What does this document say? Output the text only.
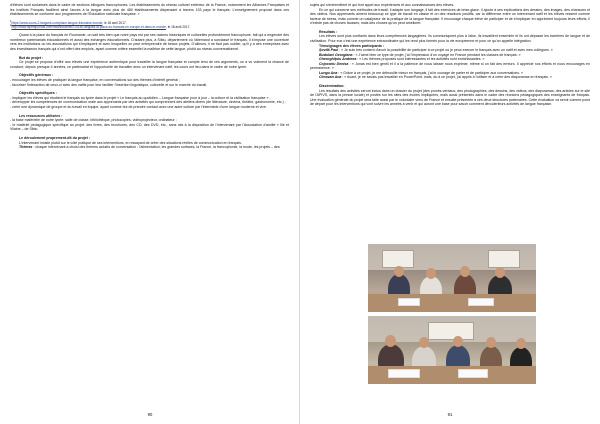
d'élèves sont scolarisés dans le cadre de sections bilingues francophones. Les établissements du réseau culturel extérieur de la France, notamment les Alliances Françaises et les Instituts Français facilitent ainsi l'accès à la langue avec plus de 480 établissements dispensant à travers 133 pays le français. L'enseignement proposé dans ces établissements se conforme aux programmes de l'Éducation nationale française. »

$^1$https://www.cours-2-langues.com/place-langue-francaise-monde, le 18 avril 2017.

$^2$http://www.lepetitjournal.com/milan/societe/215146-langues-la-place-du-francais-en-europe-et-dans-le-monde, le 18 avril 2017.

Quant à la place du français en Roumanie, on sait très bien que notre pays est par ses racines historiques et culturelles profondément francophone, fait qui a engendré des nombreux partenariats éducationnels et aussi des échanges éducationnels. D'autant plus, à Sibiu, département où l'allemand a surclassé le français, il s'impose une ouverture vers les institutions ou les associations qui s'impliquent et avec lesquelles on peut entreprendre de beaux projets. D'ailleurs, il ne faut pas oublier, qu'il y a des entreprises avec des investisseurs français qui s'ont offert des emplois, ayant comme critère essentiel la maîtrise de cette langue, plutôt au niveau conversationnel.

But du projet :

Ce projet se propose d'offrir aux élèves une expérience authentique pour travailler la langue française et compte tenu de ces arguments, on a vu vraiment la chance de conclure, depuis presque 4 années, ce partenariat et l'opportunité de travailler avec un intervenant natif, les cours ont lieu dans le cadre de notre lycée.

Objectifs généraux :

- encourager les élèves de pratiquer la langue française, en conversations sur des thèmes d'intérêt général ;

- favoriser l'interaction de ceux-ci avec des natifs pour leur faciliter l'insertion linguistique, culturelle et sur le marché du travail.

Objectifs spécifiques :

- impliquer les élèves qui étudient le français au lycée dans le projet « Le français au quotidien – Langue française pour à jour – la culture et la civilisation française » ;

- développer les compétences de communication orale aux apprenants par des activités qui comprennent des ateliers divers (de littérature, cinéma, théâtre, gastronomie, etc.) ;

- créer une dynamique de groupe et du travail en équipe, ayant comme but de prendre contact avec une autre culture par l'intermède d'une langue moderne et vive.

Les ressources utilisées :

- la base matérielle de notre lycée: salle de classe, bibliothèque, photocopies, vidéoprojecteur, ordinateur ;

- le matériel pédagogique spécifique au projet: des livres, des brochures, des CD, des DVD, etc., sans mis à la disposition de l'intervenant par l'Association d'amitié « Ille et Vilaine – de Sibiu.

Le déroulement proprement-dit du projet :

L'intervenant insiste plutôt sur le côté pratique de ses interventions, en essayant de créer des situations réelles de communication en français.

Thèmes : chaque intervenant a choisi des thèmes actuels de conversation : l'alimentation, les grandes surfaces, la France, la francophonie, la mode, les projets – des

90

sujets qui s'entremêlent et qui font appel aux expériences et aux connaissances des élèves.

En ce qui concerne ses méthodes de travail, il adapte son langage, il fait des exercices de brise-glace. Il ajoute à ses explications des dessins, des images, des chansons et des vidéos. Nos apprenants aiment beaucoup ce type de travail en classe et on des réactions positifs, car la différence entre un intervenant natif et les élèves ressent comme facteur de stress, mais comme un catalyseur de la pratique de la langue française. Il encourage chaque élève de participer et de s'impliquer en apprécient toujours leurs efforts, il n'existe pas de choses fausses, mais des choses qu'on peut améliorer.

Résultats :

Les élèves sont plus confiants dans leurs compétences langagières. Ils communiquent plus à l'aise, ils travaillent ensemble et ils ont dépassé les barrières de langue et de civilisation. Pour eux c'est une expérience extraordinaire qui les rend plus formés pour la vie européenne et pour ce qu'on appelle intégration.

Témoignages des élèves participants :

Şovită Paul : « Je suis très content d'avoir la possibilité de participer à ce projet où je peux exercer le français avec un natif et avec mes collègues. »

Budulaci Georgiana : « J'aime bien ce type de projet, j'ai l'impression d'un voyage en France pendant les classes de français. »

Gheorghiţoiu Andreea : « Les thèmes proposés sont intéressantes et les activités sont enrichissantes. »

Cojocariu Denisa : « Jonas est bien gentil et il a la patience de nous laisser nous exprimer, même si on fait des erreurs. Il apprécie nos efforts et nous encourages en permanence. »

Lungu Ana : « Grâce à ce projet, je me débrouille mieux en français, j'ai le courage de parler et de participer aux conversations. »

Cimozan Ana : « Avant, je ne savais pas travailler en PowerPoint, mais, du à ce projet, j'ai appris à l'utiliser et à créer des diaporamas en français. »

Dissémination:

Les résultats des activités seront inclus dans un dossier du projet (des procès-verbaux, des photographies, des dessins, des vidéos, des diaporamas, des articles sur le site de l'APIVS, dans la presse locale) et postés sur les sites des écoles impliquées, mais aussi présentés dans le cadre des réunions pédagogiques des enseignants de français. Une évaluation générale du projet sera faite aussi par le volontaire venu de France et ensuite présentée à ces deux structures partenaires. Cette évaluation va servir comme point de départ pour les interventions qui vont suivre les années à venir et qui auront une base pour savoir comment déroulerleurs activités de langue française.

91
